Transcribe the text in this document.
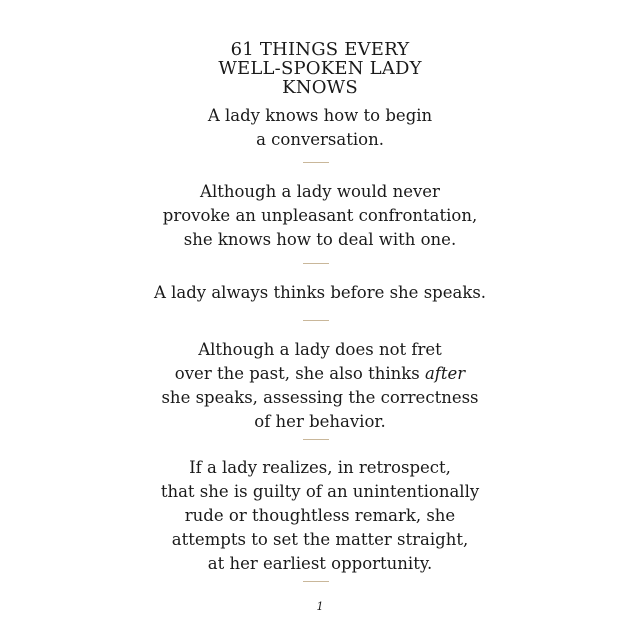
61 THINGS EVERY
WELL-SPOKEN LADY
KNOWS

A lady knows how to begin
a conversation.

Although a lady would never
provoke an unpleasant confrontation,
she knows how to deal with one.

A lady always thinks before she speaks.

Although a lady does not fret
over the past, she also thinks after
she speaks, assessing the correctness
of her behavior.

If a lady realizes, in retrospect,
that she is guilty of an unintentionally
rude or thoughtless remark, she
attempts to set the matter straight,
at her earliest opportunity.

1
